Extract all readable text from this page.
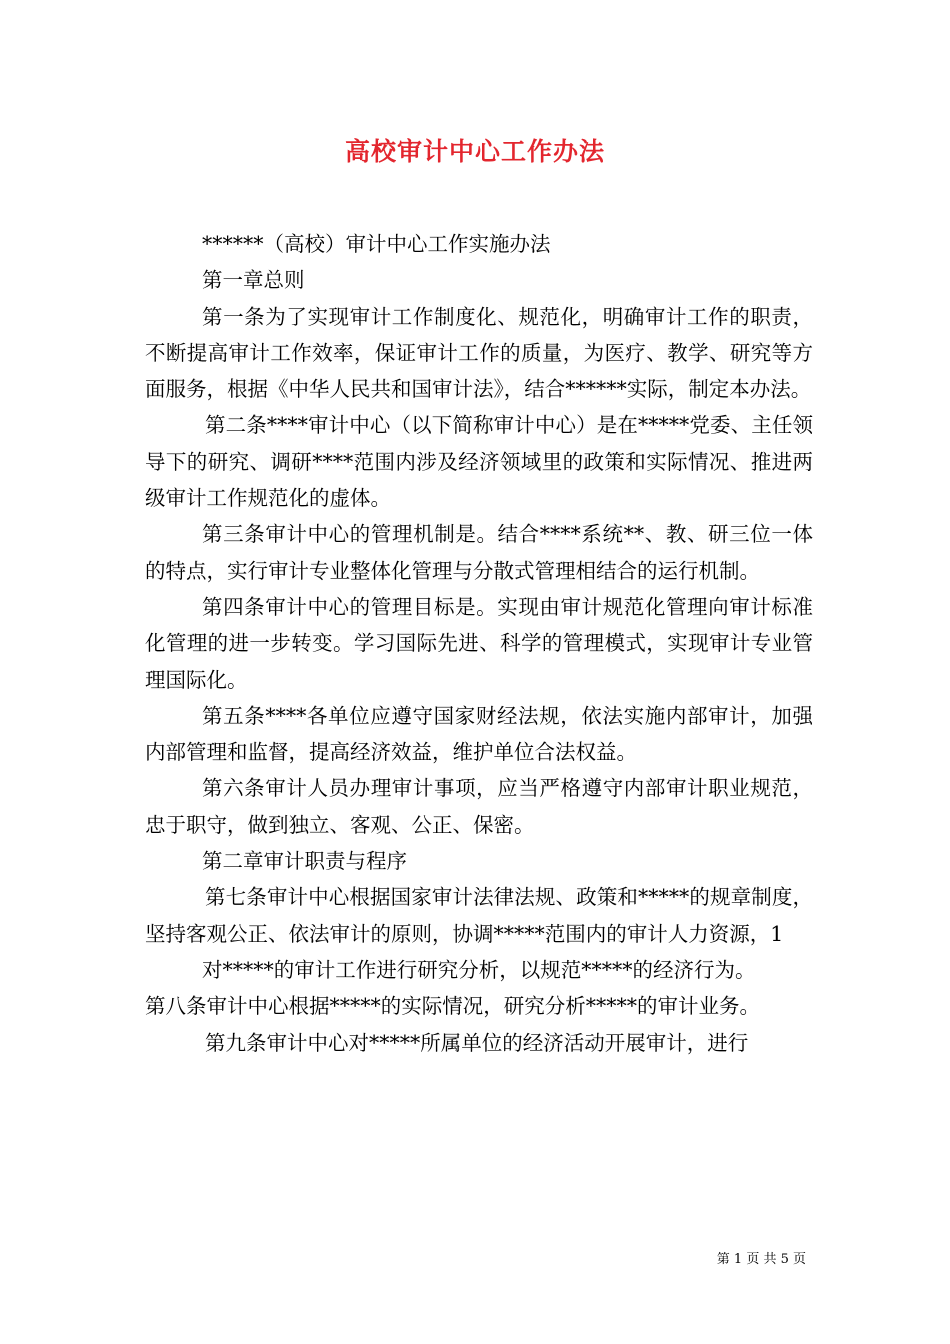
高校审计中心工作办法

******（高校）审计中心工作实施办法

第一章总则

第一条为了实现审计工作制度化、规范化，明确审计工作的职责，不断提高审计工作效率，保证审计工作的质量，为医疗、教学、研究等方面服务，根据《中华人民共和国审计法》，结合******实际，制定本办法。

第二条****审计中心（以下简称审计中心）是在*****党委、主任领导下的研究、调研****范围内涉及经济领域里的政策和实际情况、推进两级审计工作规范化的虚体。

第三条审计中心的管理机制是。结合****系统**、教、研三位一体的特点，实行审计专业整体化管理与分散式管理相结合的运行机制。

第四条审计中心的管理目标是。实现由审计规范化管理向审计标准化管理的进一步转变。学习国际先进、科学的管理模式，实现审计专业管理国际化。

第五条****各单位应遵守国家财经法规，依法实施内部审计，加强内部管理和监督，提高经济效益，维护单位合法权益。

第六条审计人员办理审计事项，应当严格遵守内部审计职业规范，忠于职守，做到独立、客观、公正、保密。

第二章审计职责与程序

第七条审计中心根据国家审计法律法规、政策和*****的规章制度，坚持客观公正、依法审计的原则，协调*****范围内的审计人力资源，1

对*****的审计工作进行研究分析，以规范*****的经济行为。

第八条审计中心根据*****的实际情况，研究分析*****的审计业务。

第九条审计中心对*****所属单位的经济活动开展审计，进行

第 1 页 共 5 页
